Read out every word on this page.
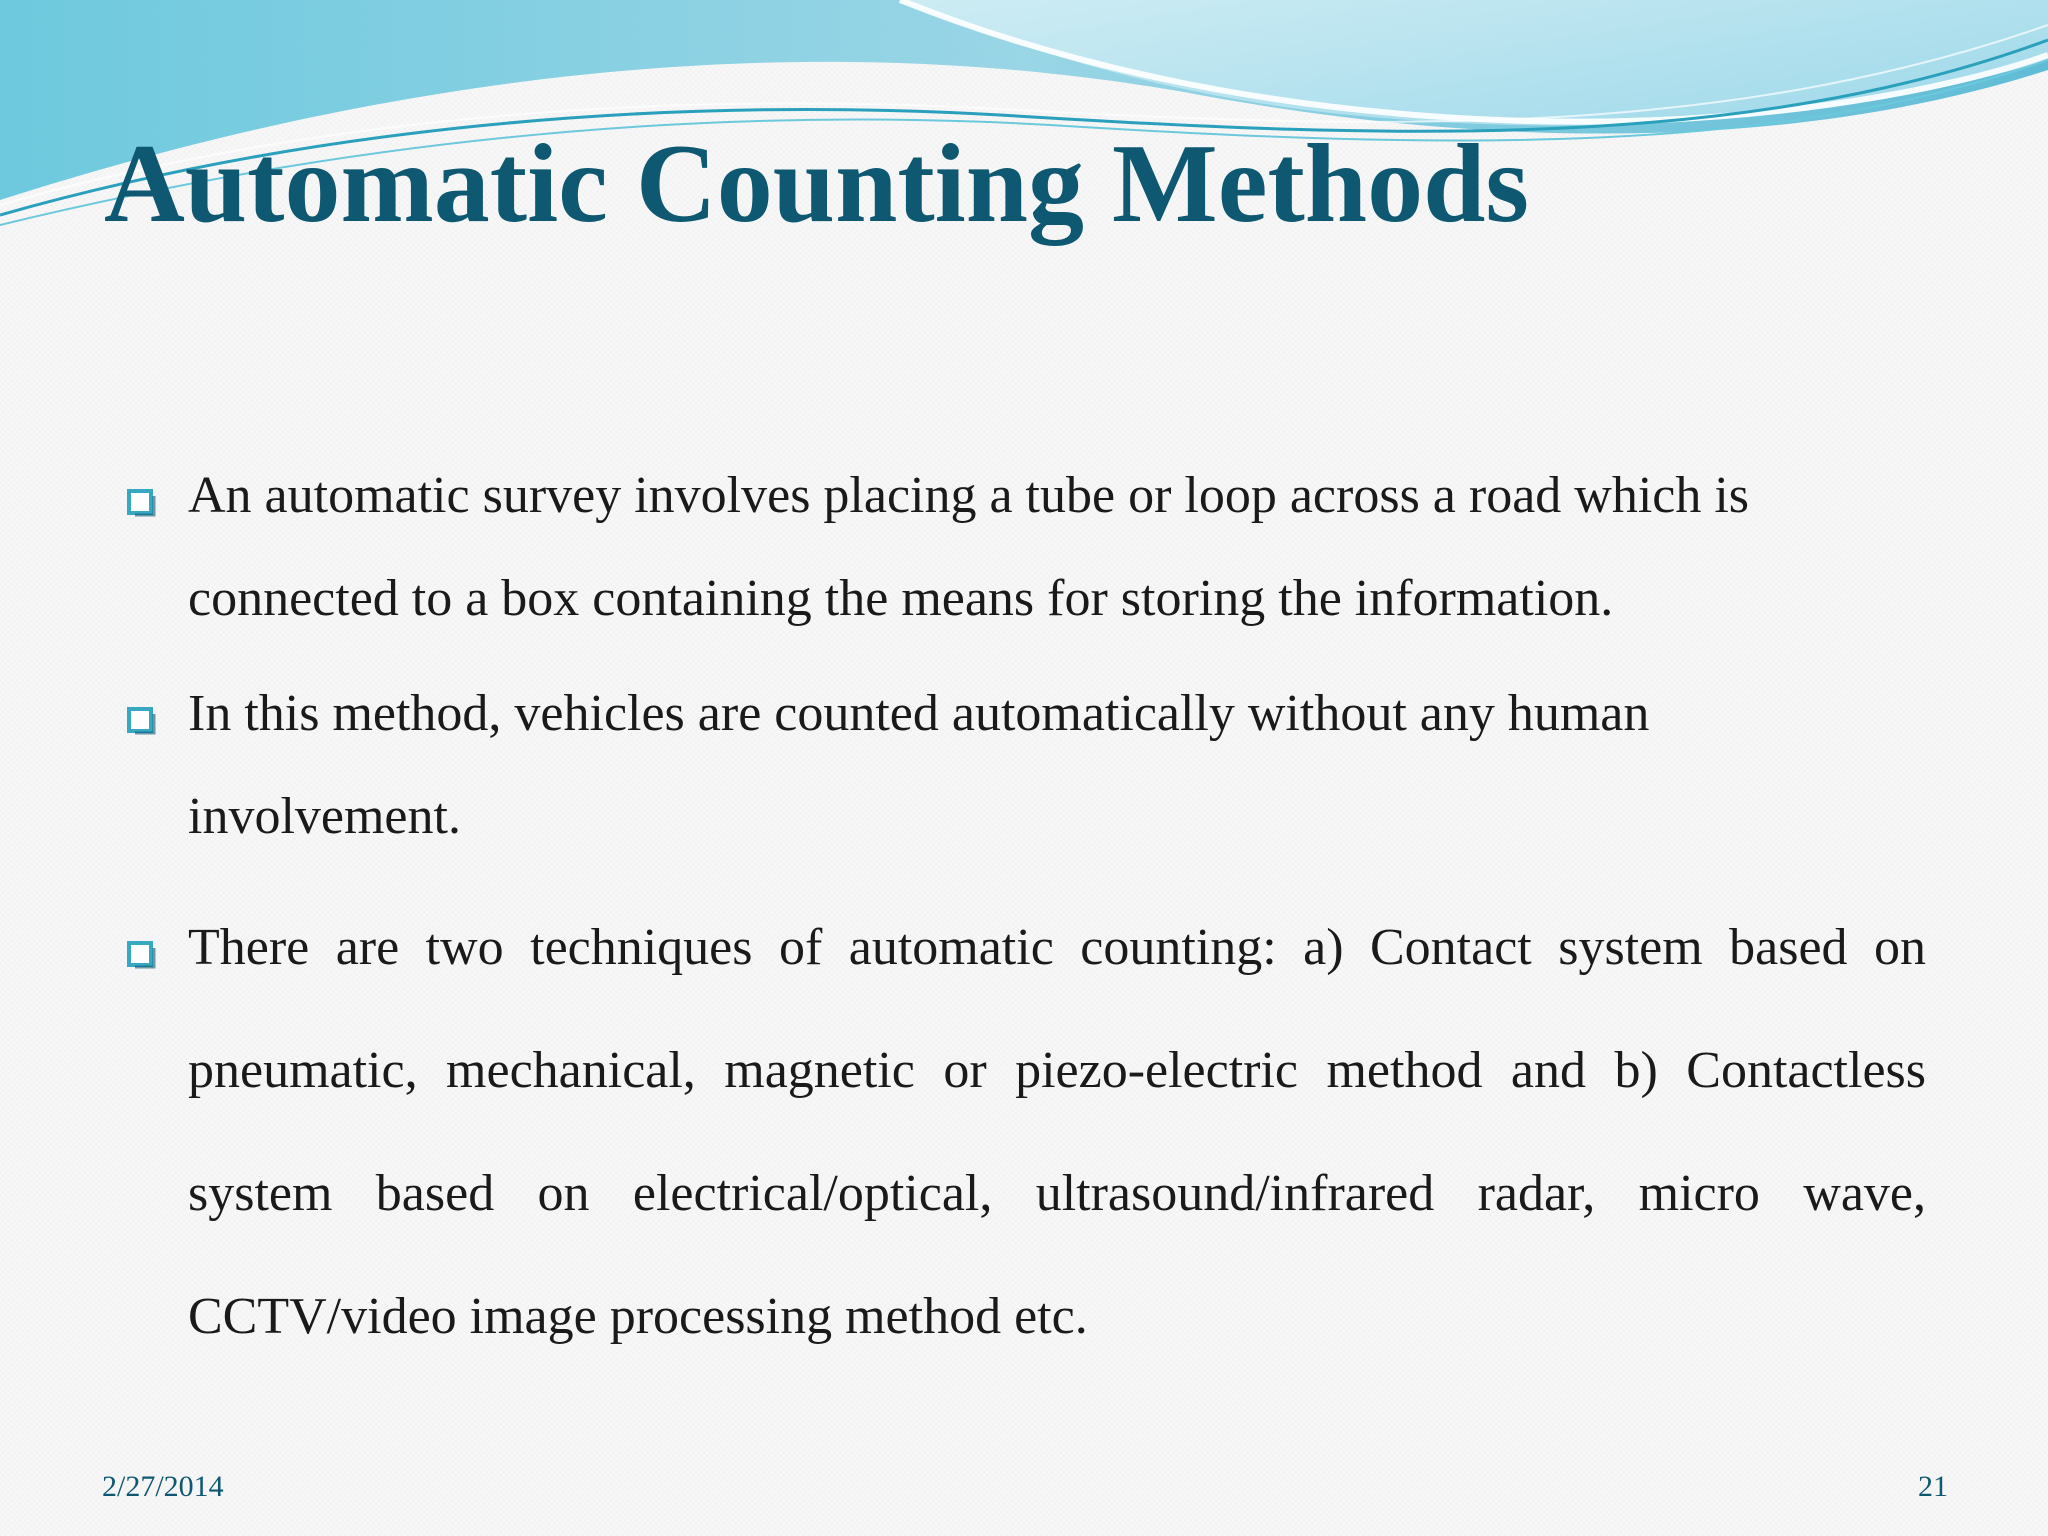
Automatic Counting Methods

An automatic survey involves placing a tube or loop across a road which is connected to a box containing the means for storing the information.

In this method, vehicles are counted automatically without any human involvement.

There are two techniques of automatic counting: a) Contact system based on pneumatic, mechanical, magnetic or piezo-electric method and b) Contactless system based on electrical/optical, ultrasound/infrared radar, micro wave, CCTV/video image processing method etc.

2/27/2014	21
